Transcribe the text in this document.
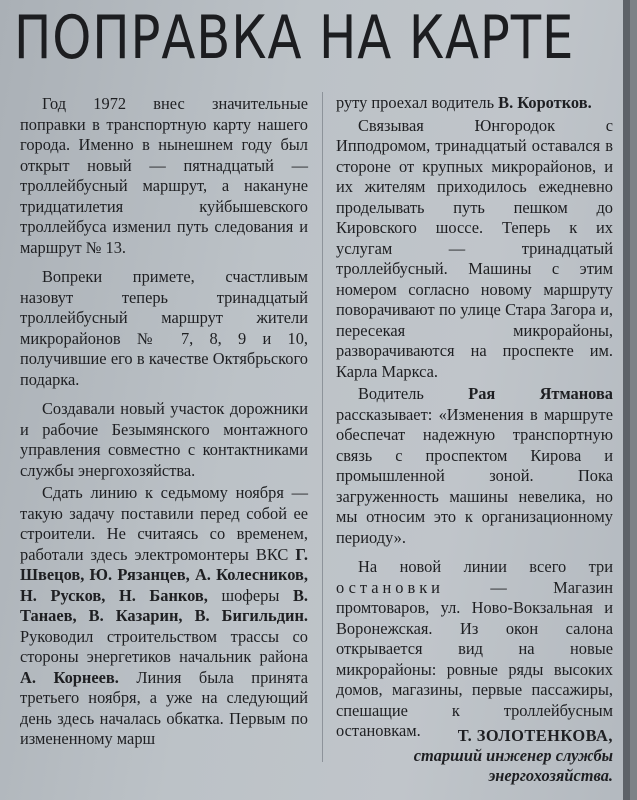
ПОПРАВКА НА КАРТЕ

Год 1972 внес значительные поправки в транспортную карту нашего города. Именно в нынешнем году был открыт новый — пятнадцатый — троллейбусный маршрут, а накануне тридцатилетия куйбышевского троллейбуса изменил путь следования и маршрут № 13.

Вопреки примете, счастливым назовут теперь тринадцатый троллейбусный маршрут жители микрорайонов № 7, 8, 9 и 10, получившие его в качестве Октябрьского подарка.

Создавали новый участок дорожники и рабочие Безымянского монтажного управления совместно с контактниками службы энергохозяйства.

Сдать линию к седьмому ноября — такую задачу поставили перед собой ее строители. Не считаясь со временем, работали здесь электромонтеры ВКС Г. Швецов, Ю. Рязанцев, А. Колесников, Н. Русков, Н. Банков, шоферы В. Танаев, В. Казарин, В. Бигильдин. Руководил строительством трассы со стороны энергетиков начальник района А. Корнеев. Линия была принята третьего ноября, а уже на следующий день здесь началась обкатка. Первым по измененному марш

руту проехал водитель В. Коротков.

Связывая Юнгородок с Ипподромом, тринадцатый оставался в стороне от крупных микрорайонов, и их жителям приходилось ежедневно проделывать путь пешком до Кировского шоссе. Теперь к их услугам — тринадцатый троллейбусный. Машины с этим номером согласно новому маршруту поворачивают по улице Стара Загора и, пересекая микрорайоны, разворачиваются на проспекте им. Карла Маркса.

Водитель Рая Ятманова рассказывает: «Изменения в маршруте обеспечат надежную транспортную связь с проспектом Кирова и промышленной зоной. Пока загруженность машины невелика, но мы относим это к организационному периоду».

На новой линии всего три остановки — Магазин промтоваров, ул. Ново-Вокзальная и Воронежская. Из окон салона открывается вид на новые микрорайоны: ровные ряды высоких домов, магазины, первые пассажиры, спешащие к троллейбусным остановкам.	Т. ЗОЛОТЕНКОВА,
старший инженер службы
энергохозяйства.
